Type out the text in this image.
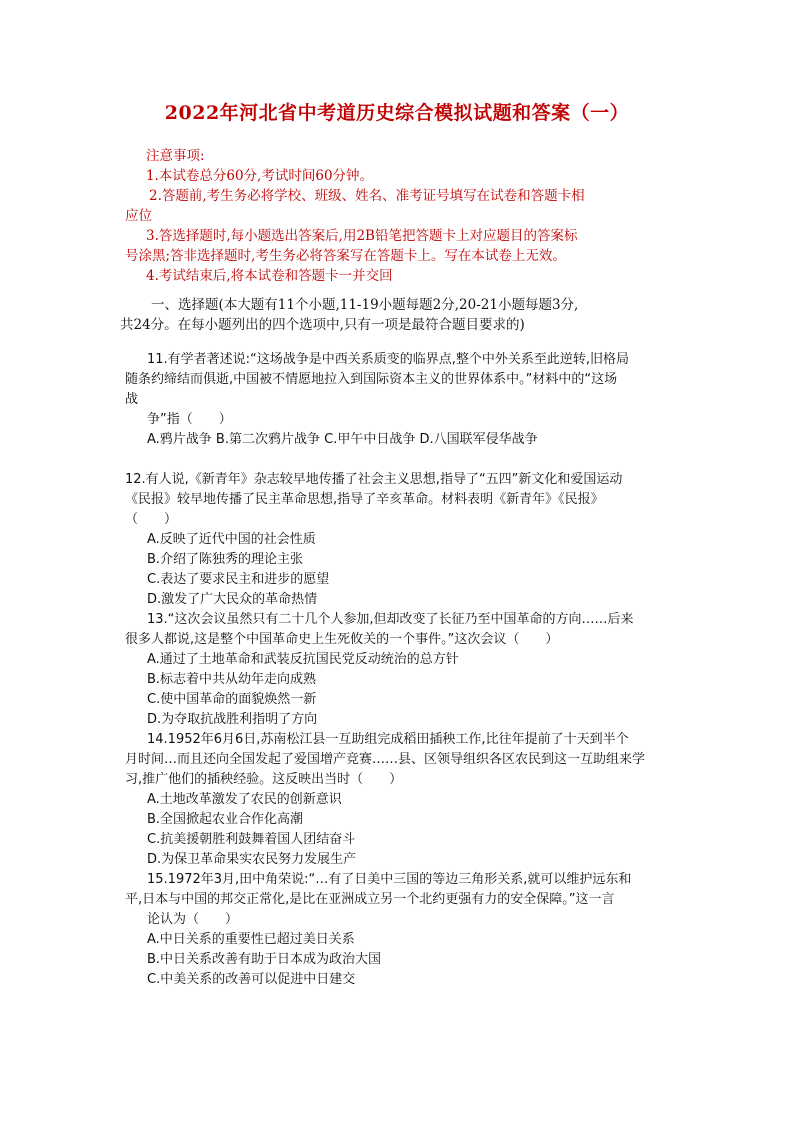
2022年河北省中考道历史综合模拟试题和答案（一）

注意事项:

1.本试卷总分60分,考试时间60分钟。

2.答题前,考生务必将学校、班级、姓名、准考证号填写在试卷和答题卡相

应位

3.答选择题时,每小题选出答案后,用2B铅笔把答题卡上对应题目的答案标

号涂黑;答非选择题时,考生务必将答案写在答题卡上。写在本试卷上无效。

4.考试结束后,将本试卷和答题卡一并交回

一、选择题(本大题有11个小题,11-19小题每题2分,20-21小题每题3分,

共24分。在每小题列出的四个选项中,只有一项是最符合题目要求的)

11.有学者著述说:“这场战争是中西关系质变的临界点,整个中外关系至此逆转,旧格局

随条约缔结而俱逝,中国被不情愿地拉入到国际资本主义的世界体系中。”材料中的“这场

战

争”指（　　）

A.鸦片战争 B.第二次鸦片战争 C.甲午中日战争 D.八国联军侵华战争

12.有人说,《新青年》杂志较早地传播了社会主义思想,指导了“五四”新文化和爱国运动

《民报》较早地传播了民主革命思想,指导了辛亥革命。材料表明《新青年》《民报》

（　　）

A.反映了近代中国的社会性质

B.介绍了陈独秀的理论主张

C.表达了要求民主和进步的愿望

D.激发了广大民众的革命热情

13.“这次会议虽然只有二十几个人参加,但却改变了长征乃至中国革命的方向……后来

很多人都说,这是整个中国革命史上生死攸关的一个事件。”这次会议（　　）

A.通过了土地革命和武装反抗国民党反动统治的总方针

B.标志着中共从幼年走向成熟

C.使中国革命的面貌焕然一新

D.为夺取抗战胜利指明了方向

14.1952年6月6日,苏南松江县一互助组完成稻田插秧工作,比往年提前了十天到半个

月时间…而且还向全国发起了爱国增产竞赛……县、区领导组织各区农民到这一互助组来学

习,推广他们的插秧经验。这反映出当时（　　）

A.土地改革激发了农民的创新意识

B.全国掀起农业合作化高潮

C.抗美援朝胜利鼓舞着国人团结奋斗

D.为保卫革命果实农民努力发展生产

15.1972年3月,田中角荣说:“…有了日美中三国的等边三角形关系,就可以维护远东和

平,日本与中国的邦交正常化,是比在亚洲成立另一个北约更强有力的安全保障。”这一言

论认为（　　）

A.中日关系的重要性已超过美日关系

B.中日关系改善有助于日本成为政治大国

C.中美关系的改善可以促进中日建交
